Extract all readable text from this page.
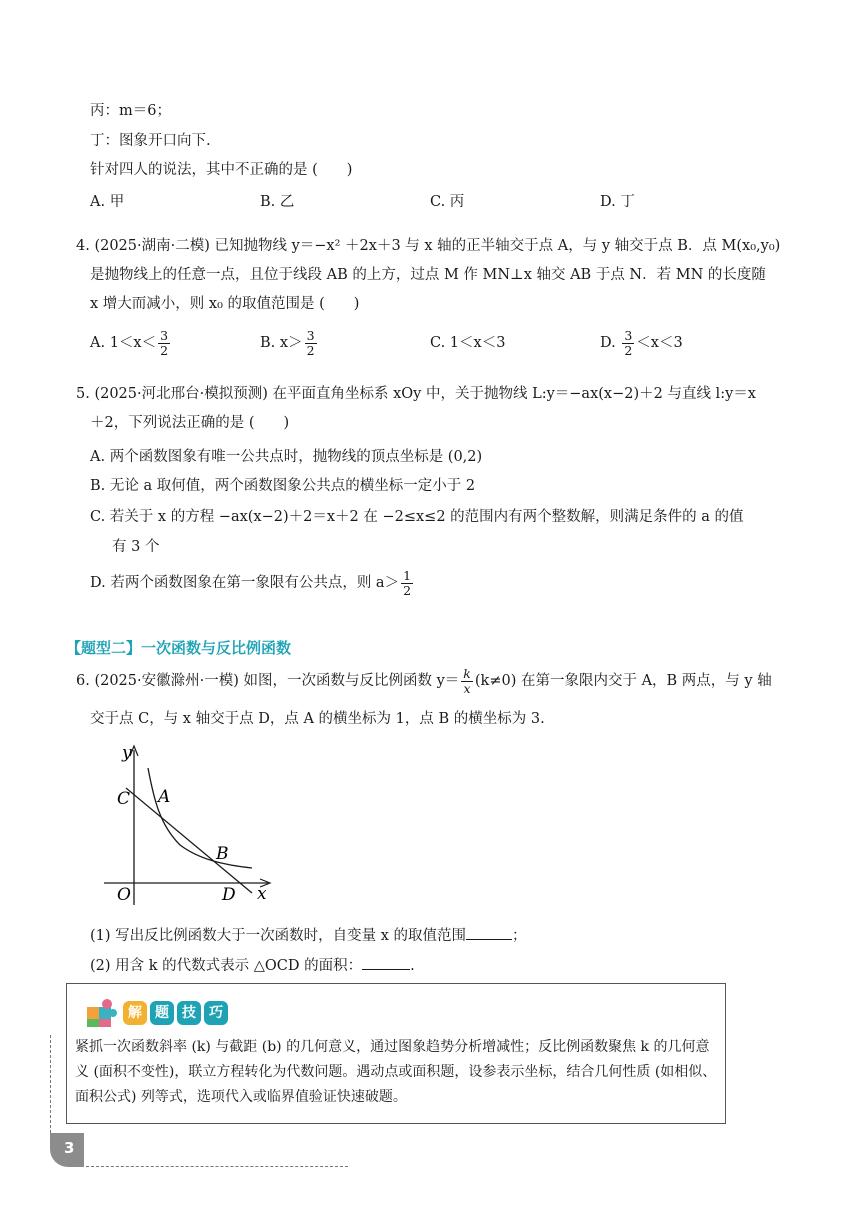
丙：m＝6；
丁：图象开口向下.
针对四人的说法，其中不正确的是 (　　)
A. 甲	B. 乙	C. 丙	D. 丁
4. (2025·湖南·二模) 已知抛物线 y＝−x² ＋2x＋3 与 x 轴的正半轴交于点 A，与 y 轴交于点 B．点 M(x₀,y₀)
是抛物线上的任意一点，且位于线段 AB 的上方，过点 M 作 MN⊥x 轴交 AB 于点 N．若 MN 的长度随
x 增大而减小，则 x₀ 的取值范围是 (　　)
A. $1<x< \frac{3}{2}$	B. $x> \frac{3}{2}$	C. 1＜x＜3	D. $\frac{3}{2} <x<3$
5. (2025·河北邢台·模拟预测) 在平面直角坐标系 xOy 中，关于抛物线 L:y＝−ax(x−2)＋2 与直线 l:y＝x
＋2，下列说法正确的是 (　　)
A. 两个函数图象有唯一公共点时，抛物线的顶点坐标是 (0,2)
B. 无论 a 取何值，两个函数图象公共点的横坐标一定小于 2
C. 若关于 x 的方程 −ax(x−2)＋2＝x＋2 在 −2≤x≤2 的范围内有两个整数解，则满足条件的 a 的值
有 3 个
D. 若两个函数图象在第一象限有公共点，则 $a> \frac{1}{2}$
【题型二】一次函数与反比例函数
6. (2025·安徽滁州·一模) 如图，一次函数与反比例函数 $y= \frac{k}{x} (k\ne 0)$ 在第一象限内交于 A，B 两点，与 y 轴
交于点 C，与 x 轴交于点 D，点 A 的横坐标为 1，点 B 的横坐标为 3.
y
x
O
C A
B
D
(1) 写出反比例函数大于一次函数时，自变量 x 的取值范围	；
(2) 用含 k 的代数式表示 △OCD 的面积：	.
解 题 技 巧
紧抓一次函数斜率 (k) 与截距 (b) 的几何意义，通过图象趋势分析增减性；反比例函数聚焦 k 的几何意义 (面积不变性)，联立方程转化为代数问题。遇动点或面积题，设参表示坐标，结合几何性质 (如相似、面积公式) 列等式，选项代入或临界值验证快速破题。
3
